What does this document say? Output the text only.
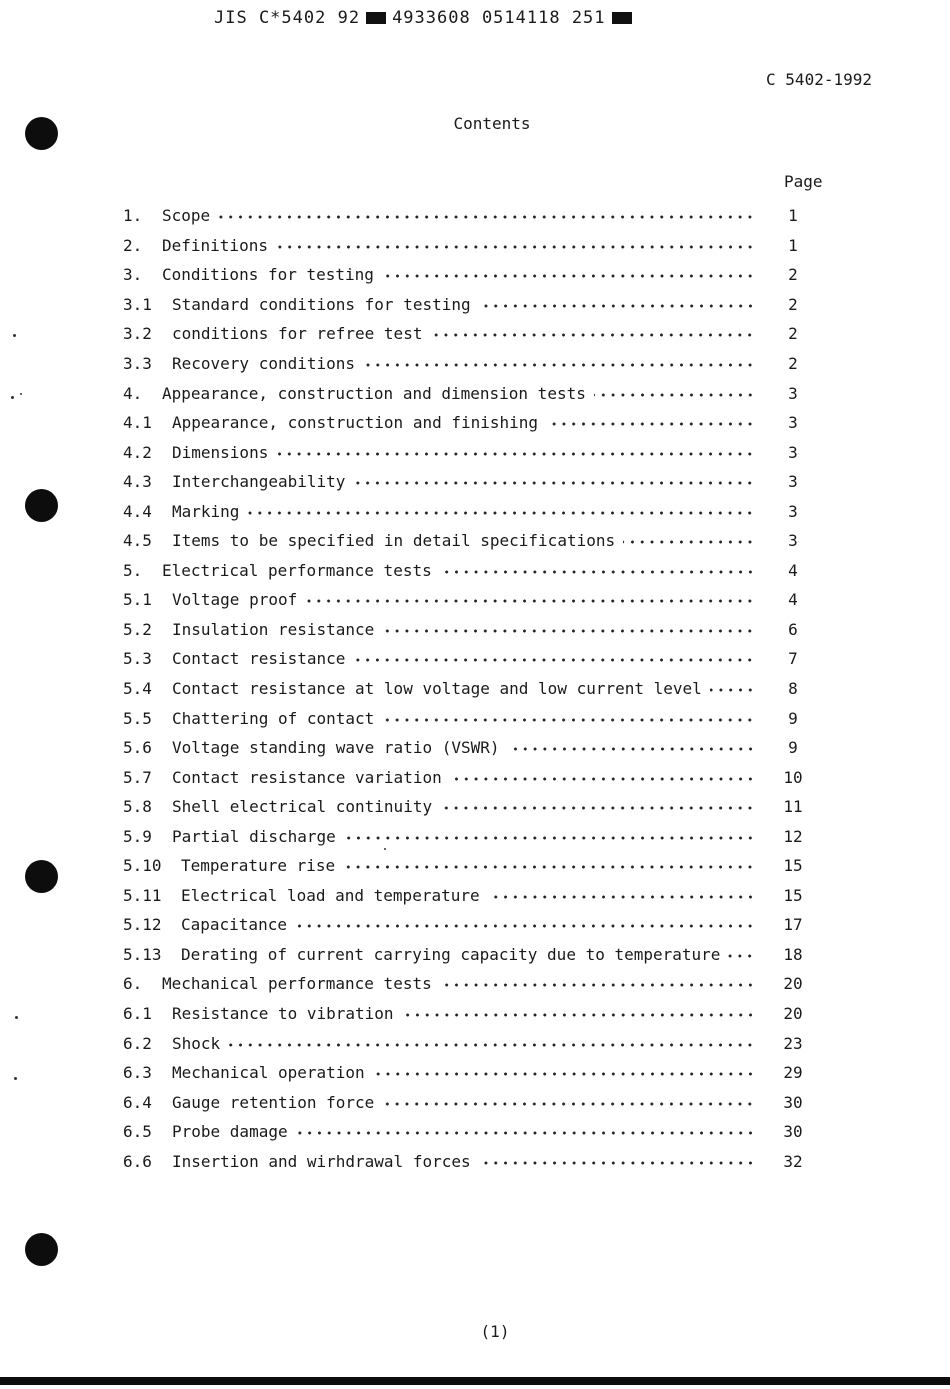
JIS C*5402 92 4933608 0514118 251
C 5402-1992
Contents
Page
1.	Scope	1
2.	Definitions	1
3.	Conditions for testing	2
3.1	Standard conditions for testing	2
3.2	conditions for refree test	2
3.3	Recovery conditions	2
4.	Appearance, construction and dimension tests	3
4.1	Appearance, construction and finishing	3
4.2	Dimensions	3
4.3	Interchangeability	3
4.4	Marking	3
4.5	Items to be specified in detail specifications	3
5.	Electrical performance tests	4
5.1	Voltage proof	4
5.2	Insulation resistance	6
5.3	Contact resistance	7
5.4	Contact resistance at low voltage and low current level	8
5.5	Chattering of contact	9
5.6	Voltage standing wave ratio (VSWR)	9
5.7	Contact resistance variation	10
5.8	Shell electrical continuity	11
5.9	Partial discharge	12
5.10	Temperature rise	15
5.11	Electrical load and temperature	15
5.12	Capacitance	17
5.13	Derating of current carrying capacity due to temperature	18
6.	Mechanical performance tests	20
6.1	Resistance to vibration	20
6.2	Shock	23
6.3	Mechanical operation	29
6.4	Gauge retention force	30
6.5	Probe damage	30
6.6	Insertion and wirhdrawal forces	32
(1)
